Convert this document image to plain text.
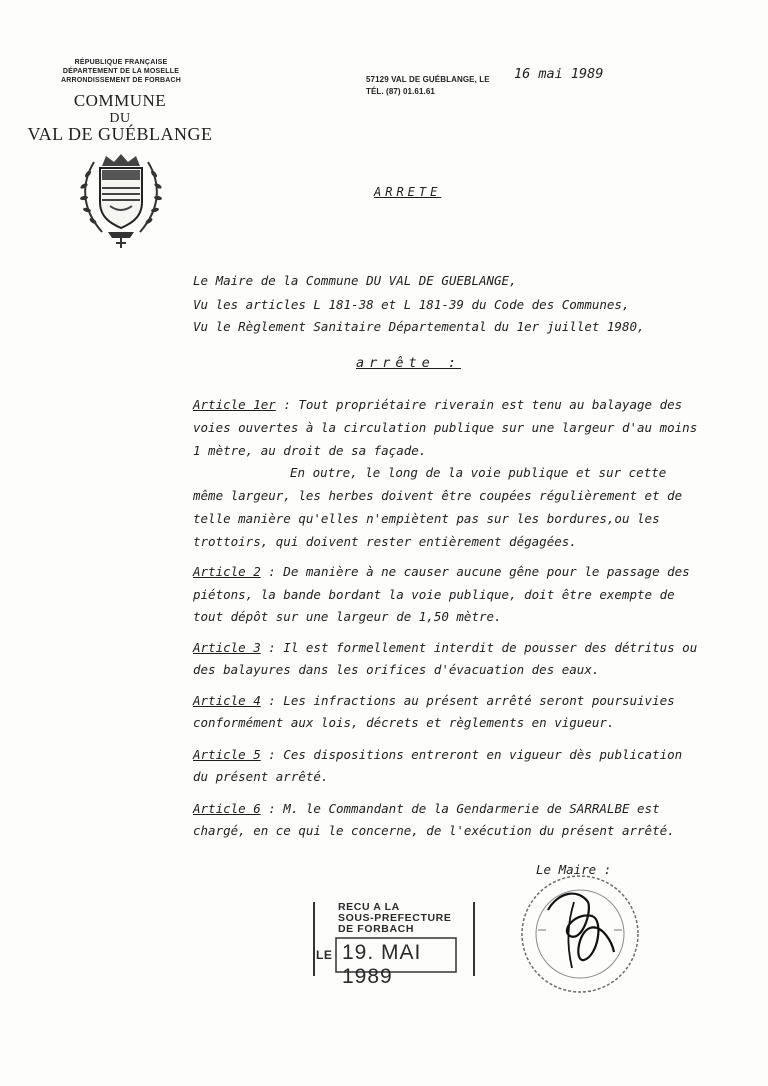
RÉPUBLIQUE FRANÇAISE
DÉPARTEMENT DE LA MOSELLE
ARRONDISSEMENT DE FORBACH
COMMUNE
DU
VAL DE GUÉBLANGE
57129 VAL DE GUÉBLANGE, LE
TÉL. (87) 01.61.61
16 mai 1989
ARRETE
Le Maire de la Commune DU VAL DE GUEBLANGE,
Vu les articles L 181-38 et L 181-39 du Code des Communes,
Vu le Règlement Sanitaire Départemental du 1er juillet 1980,
arrête :
Article 1er : Tout propriétaire riverain est tenu au balayage des
voies ouvertes à la circulation publique sur une largeur d'au moins
1 mètre, au droit de sa façade.
En outre, le long de la voie publique et sur cette
même largeur, les herbes doivent être coupées régulièrement et de
telle manière qu'elles n'empiètent pas sur les bordures,ou les
trottoirs, qui doivent rester entièrement dégagées.
Article 2 : De manière à ne causer aucune gêne pour le passage des
piétons, la bande bordant la voie publique, doit être exempte de
tout dépôt sur une largeur de 1,50 mètre.
Article 3 : Il est formellement interdit de pousser des détritus ou
des balayures dans les orifices d'évacuation des eaux.
Article 4 : Les infractions au présent arrêté seront poursuivies
conformément aux lois, décrets et règlements en vigueur.
Article 5 : Ces dispositions entreront en vigueur dès publication
du présent arrêté.
Article 6 : M. le Commandant de la Gendarmerie de SARRALBE est
chargé, en ce qui le concerne, de l'exécution du présent arrêté.
Le Maire :
RECU A LA
SOUS-PREFECTURE
DE FORBACH
LE 19. MAI 1989
